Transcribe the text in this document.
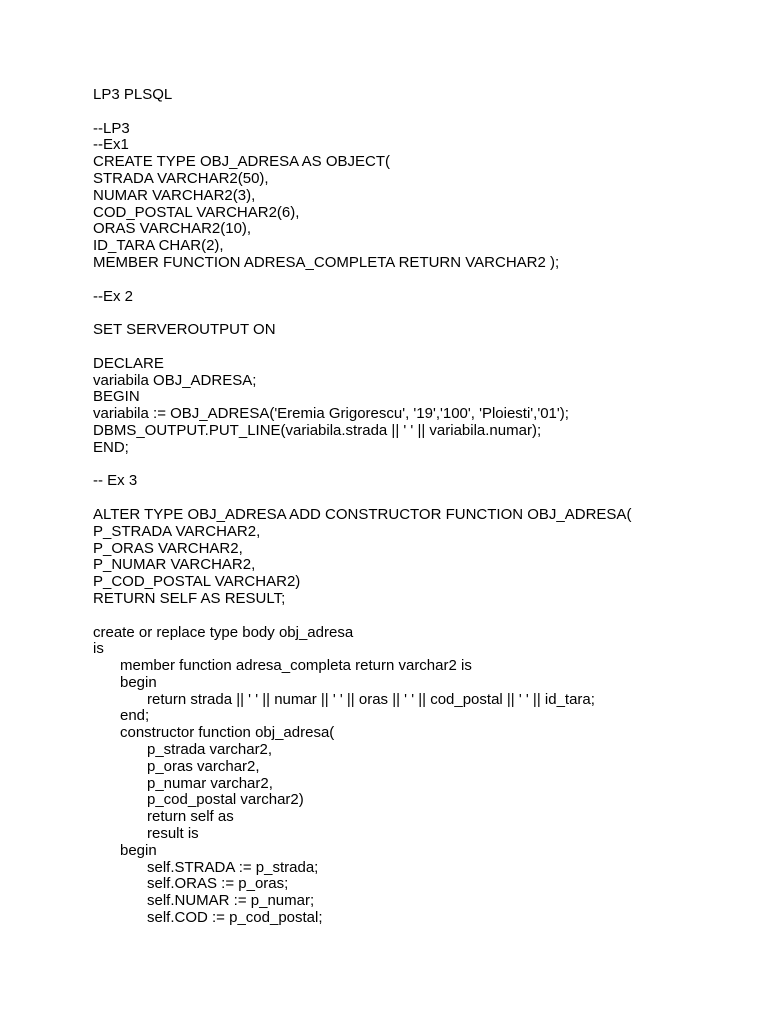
LP3 PLSQL
--LP3
--Ex1
CREATE TYPE OBJ_ADRESA AS OBJECT(
STRADA VARCHAR2(50),
NUMAR VARCHAR2(3),
COD_POSTAL VARCHAR2(6),
ORAS VARCHAR2(10),
ID_TARA CHAR(2),
MEMBER FUNCTION ADRESA_COMPLETA RETURN VARCHAR2 );
--Ex 2
SET SERVEROUTPUT ON
DECLARE
variabila OBJ_ADRESA;
BEGIN
variabila := OBJ_ADRESA('Eremia Grigorescu', '19','100', 'Ploiesti','01');
DBMS_OUTPUT.PUT_LINE(variabila.strada || ' ' || variabila.numar);
END;
-- Ex 3
ALTER TYPE OBJ_ADRESA ADD CONSTRUCTOR FUNCTION OBJ_ADRESA(
P_STRADA VARCHAR2,
P_ORAS VARCHAR2,
P_NUMAR VARCHAR2,
P_COD_POSTAL VARCHAR2)
RETURN SELF AS RESULT;
create or replace type body obj_adresa
is
member function adresa_completa return varchar2 is
begin
return strada || ' ' || numar || ' ' || oras || ' ' || cod_postal || ' ' || id_tara;
end;
constructor function obj_adresa(
p_strada varchar2,
p_oras varchar2,
p_numar varchar2,
p_cod_postal varchar2)
return self as
result is
begin
self.STRADA := p_strada;
self.ORAS := p_oras;
self.NUMAR := p_numar;
self.COD := p_cod_postal;
